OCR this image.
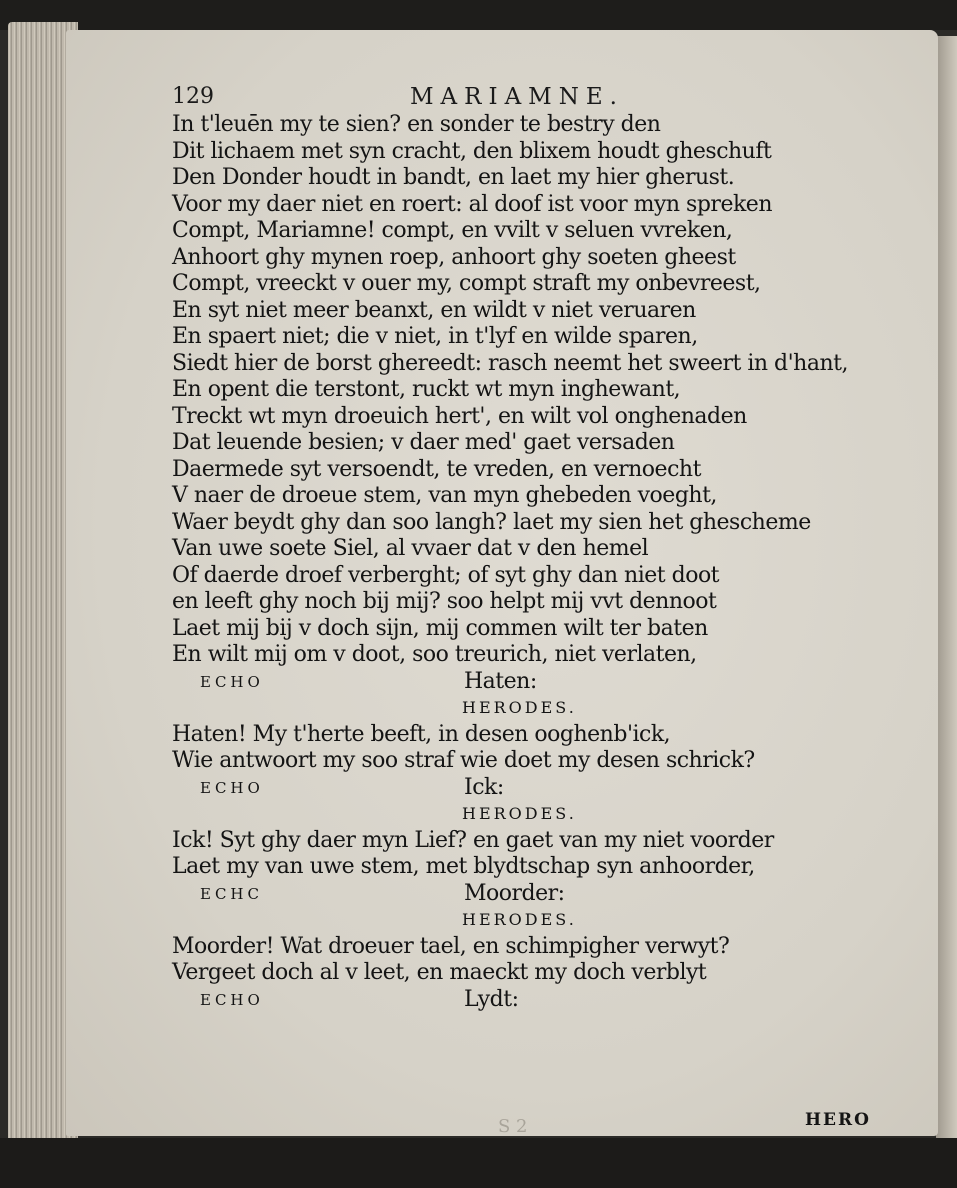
129	MARIAMNE.
In t'leuēn my te sien? en sonder te bestry den
Dit lichaem met syn cracht, den blixem houdt gheschuft
Den Donder houdt in bandt, en laet my hier gherust.
Voor my daer niet en roert: al doof ist voor myn spreken
Compt, Mariamne! compt, en vvilt v seluen vvreken,
Anhoort ghy mynen roep, anhoort ghy soeten gheest
Compt, vreeckt v ouer my, compt straft my onbevreest,
En syt niet meer beanxt, en wildt v niet veruaren
En spaert niet; die v niet, in t'lyf en wilde sparen,
Siedt hier de borst ghereedt: rasch neemt het sweert in d'hant,
En opent die terstont, ruckt wt myn inghewant,
Treckt wt myn droeuich hert', en wilt vol onghenaden
Dat leuende besien; v daer med' gaet versaden
Daermede syt versoendt, te vreden, en vernoecht
V naer de droeue stem, van myn ghebeden voeght,
Waer beydt ghy dan soo langh? laet my sien het ghescheme
Van uwe soete Siel, al vvaer dat v den hemel
Of daerde droef verberght; of syt ghy dan niet doot
en leeft ghy noch bij mij? soo helpt mij vvt dennoot
Laet mij bij v doch sijn, mij commen wilt ter baten
En wilt mij om v doot, soo treurich, niet verlaten,
ECHO	Haten:
HERODES.
Haten! My t'herte beeft, in desen ooghenb'ick,
Wie antwoort my soo straf wie doet my desen schrick?
ECHO	Ick:
HERODES.
Ick! Syt ghy daer myn Lief? en gaet van my niet voorder
Laet my van uwe stem, met blydtschap syn anhoorder,
ECHC	Moorder:
HERODES.
Moorder! Wat droeuer tael, en schimpigher verwyt?
Vergeet doch al v leet, en maeckt my doch verblyt
ECHO	Lydt:
S 2	HERO
